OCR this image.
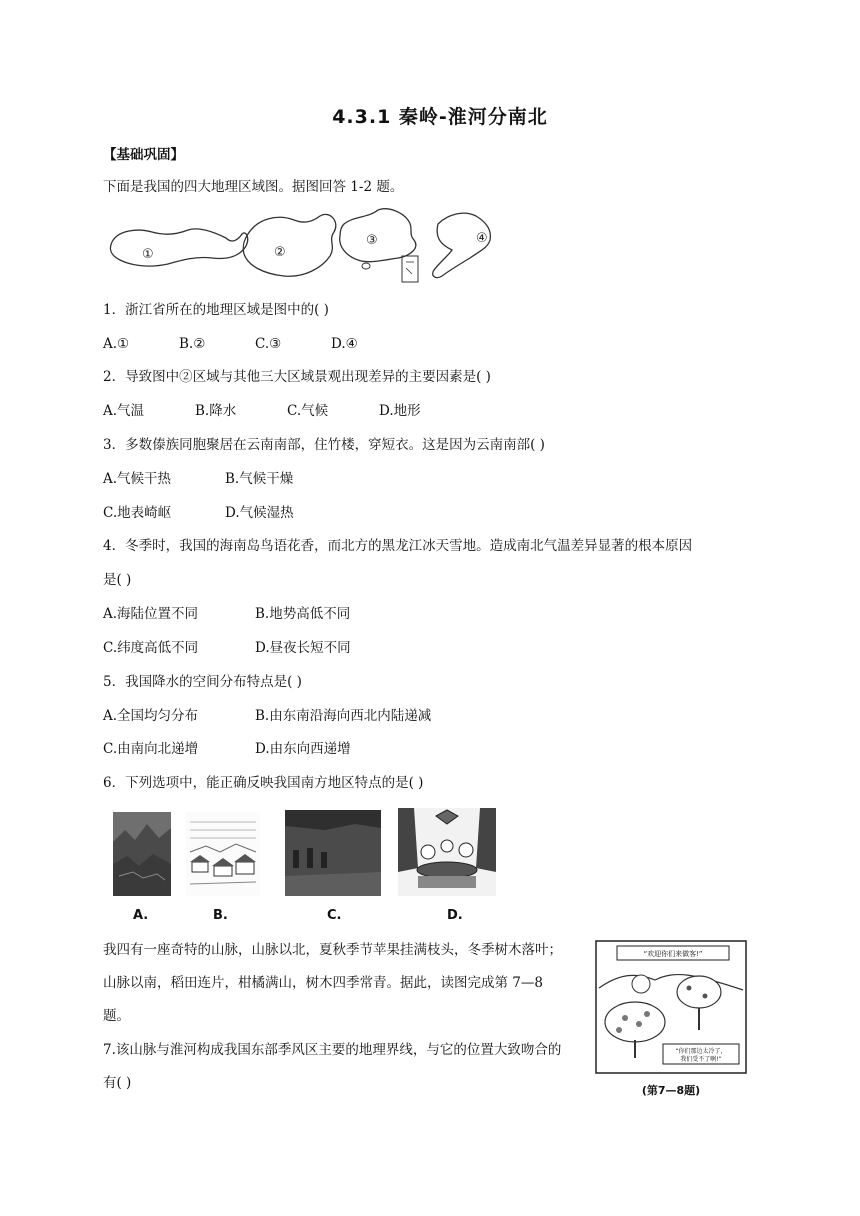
4.3.1 秦岭-淮河分南北
【基础巩固】
下面是我国的四大地理区域图。据图回答 1-2 题。
①	②
③	④
1．浙江省所在的地理区域是图中的( )
A.①	B.②	C.③	D.④
2．导致图中②区域与其他三大区域景观出现差异的主要因素是( )
A.气温	B.降水	C.气候	D.地形
3．多数傣族同胞聚居在云南南部，住竹楼，穿短衣。这是因为云南南部( )
A.气候干热	B.气候干燥
C.地表崎岖	D.气候湿热
4．冬季时，我国的海南岛鸟语花香，而北方的黑龙江冰天雪地。造成南北气温差异显著的根本原因
是( )
A.海陆位置不同	B.地势高低不同
C.纬度高低不同	D.昼夜长短不同
5．我国降水的空间分布特点是( )
A.全国均匀分布	B.由东南沿海向西北内陆递减
C.由南向北递增	D.由东向西递增
6．下列选项中，能正确反映我国南方地区特点的是( )
A.	B.	C.	D.
我四有一座奇特的山脉，山脉以北，夏秋季节苹果挂满枝头，冬季树木落叶；山脉以南，稻田连片，柑橘满山，树木四季常青。据此，读图完成第 7—8 题。
“欢迎你们来做客!”
“你们那边太冷了，
我们受不了啊!”
(第7—8题)
7.该山脉与淮河构成我国东部季风区主要的地理界线，与它的位置大致吻合的有( )
